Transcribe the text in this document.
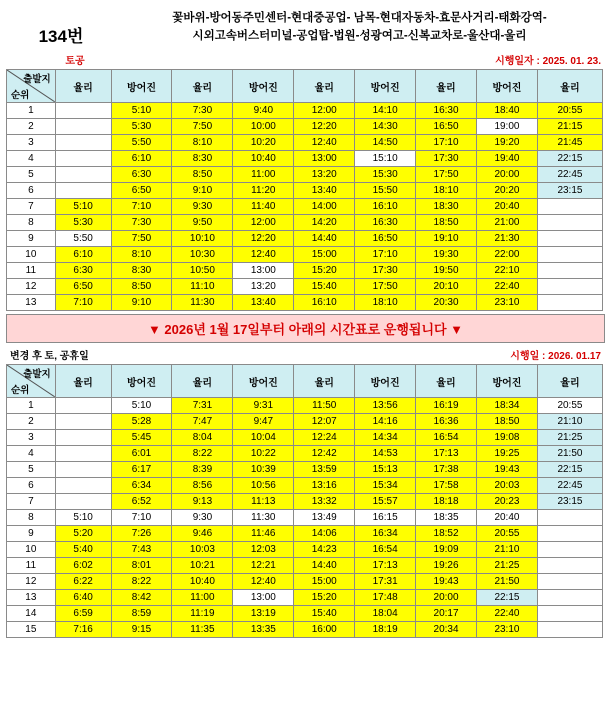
134번
꽃바위-방어동주민센터-현대중공업- 남목-현대자동차-효문사거리-태화강역-
시외고속버스터미널-공업탑-법원-성광여고-신복교차로-울산대-울리
토공	시행일자 : 2025. 01. 23.
출발지
순위	율리	방어진	율리	방어진	율리	방어진	율리	방어진	율리
1		5:10	7:30	9:40	12:00	14:10	16:30	18:40	20:55
2		5:30	7:50	10:00	12:20	14:30	16:50	19:00	21:15
3		5:50	8:10	10:20	12:40	14:50	17:10	19:20	21:45
4		6:10	8:30	10:40	13:00	15:10	17:30	19:40	22:15
5		6:30	8:50	11:00	13:20	15:30	17:50	20:00	22:45
6		6:50	9:10	11:20	13:40	15:50	18:10	20:20	23:15
7	5:10	7:10	9:30	11:40	14:00	16:10	18:30	20:40	
8	5:30	7:30	9:50	12:00	14:20	16:30	18:50	21:00	
9	5:50	7:50	10:10	12:20	14:40	16:50	19:10	21:30	
10	6:10	8:10	10:30	12:40	15:00	17:10	19:30	22:00	
11	6:30	8:30	10:50	13:00	15:20	17:30	19:50	22:10	
12	6:50	8:50	11:10	13:20	15:40	17:50	20:10	22:40	
13	7:10	9:10	11:30	13:40	16:10	18:10	20:30	23:10	
▼ 2026년 1월 17일부터 아래의 시간표로 운행됩니다 ▼
변경 후 토, 공휴일	시행일 : 2026. 01.17
출발지
순위	율리	방어진	율리	방어진	율리	방어진	율리	방어진	율리
1		5:10	7:31	9:31	11:50	13:56	16:19	18:34	20:55
2		5:28	7:47	9:47	12:07	14:16	16:36	18:50	21:10
3		5:45	8:04	10:04	12:24	14:34	16:54	19:08	21:25
4		6:01	8:22	10:22	12:42	14:53	17:13	19:25	21:50
5		6:17	8:39	10:39	13:59	15:13	17:38	19:43	22:15
6		6:34	8:56	10:56	13:16	15:34	17:58	20:03	22:45
7		6:52	9:13	11:13	13:32	15:57	18:18	20:23	23:15
8	5:10	7:10	9:30	11:30	13:49	16:15	18:35	20:40	
9	5:20	7:26	9:46	11:46	14:06	16:34	18:52	20:55	
10	5:40	7:43	10:03	12:03	14:23	16:54	19:09	21:10	
11	6:02	8:01	10:21	12:21	14:40	17:13	19:26	21:25	
12	6:22	8:22	10:40	12:40	15:00	17:31	19:43	21:50	
13	6:40	8:42	11:00	13:00	15:20	17:48	20:00	22:15	
14	6:59	8:59	11:19	13:19	15:40	18:04	20:17	22:40	
15	7:16	9:15	11:35	13:35	16:00	18:19	20:34	23:10	
